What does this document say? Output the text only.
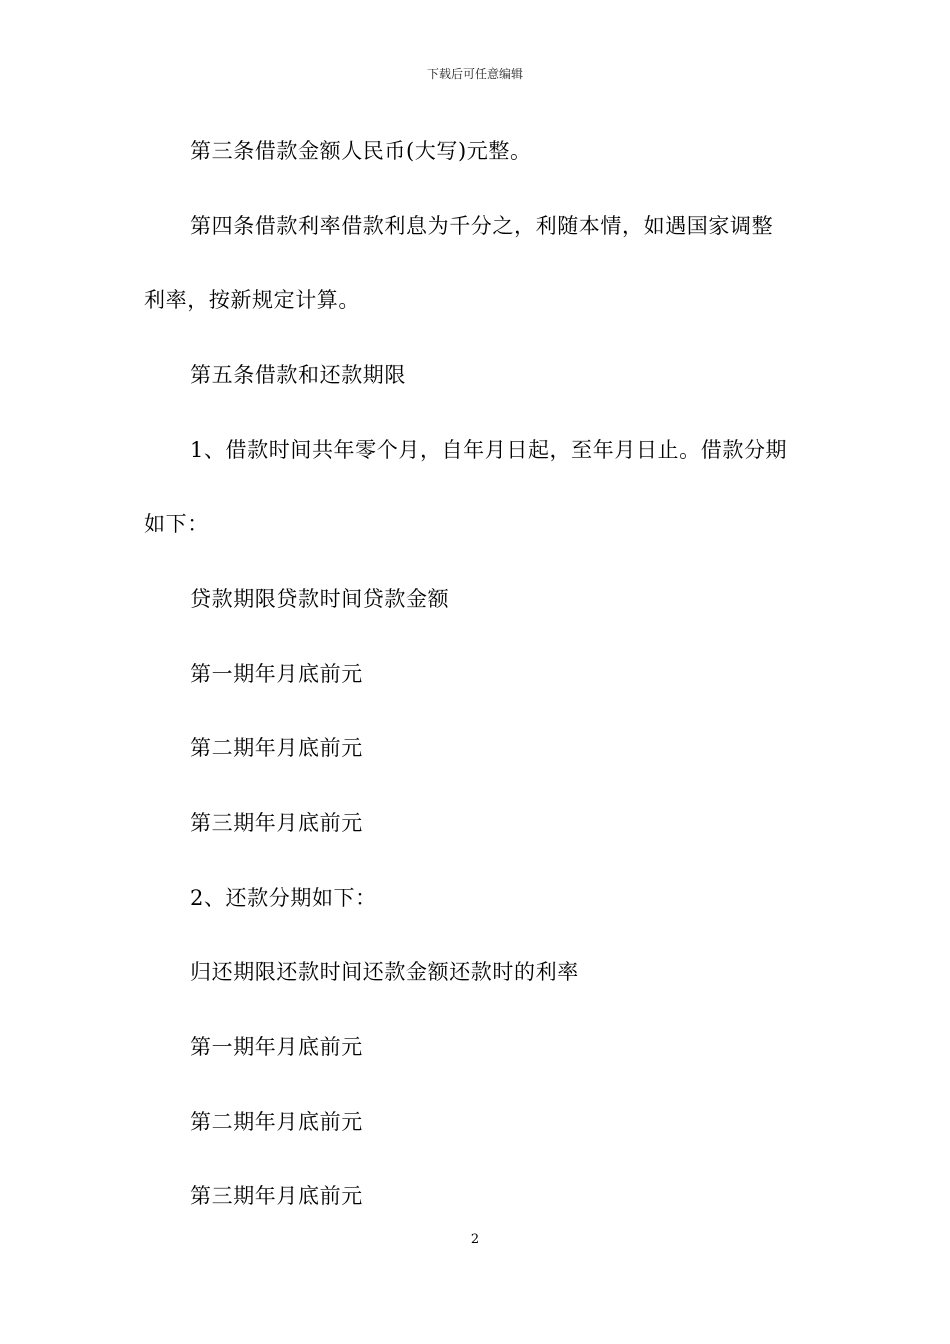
下载后可任意编辑
第三条借款金额人民币(大写)元整。
第四条借款利率借款利息为千分之，利随本情，如遇国家调整
利率，按新规定计算。
第五条借款和还款期限
1、借款时间共年零个月，自年月日起，至年月日止。借款分期
如下：
贷款期限贷款时间贷款金额
第一期年月底前元
第二期年月底前元
第三期年月底前元
2、还款分期如下：
归还期限还款时间还款金额还款时的利率
第一期年月底前元
第二期年月底前元
第三期年月底前元
2
